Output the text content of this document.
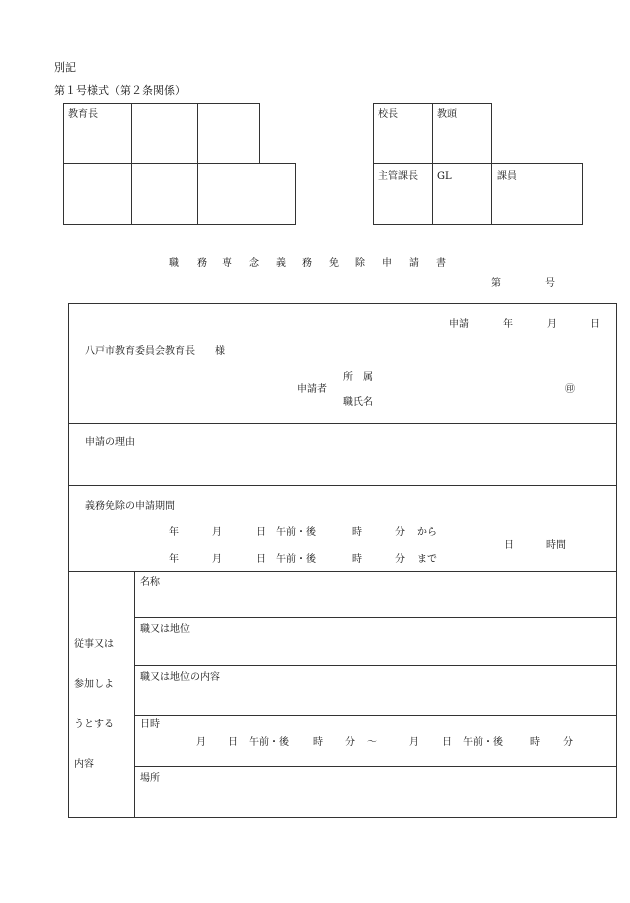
別記
第１号様式（第２条関係）
教育長	校長	教頭
主管課長 GL	課員
職 務 専 念 義 務 免 除 申 請 書
第	号
申請	年	月	日
八戸市教育委員会教育長　　様
所　属
申請者
職氏名
㊞
申請の理由
義務免除の申請期間
年	月	日 午前・後	時	分 から
年	月	日 午前・後	時	分 まで
日	時間
従事又は
参加しよ
うとする
内容
名称
職又は地位
職又は地位の内容
日時
月 日 午前・後 時 分 ～	月 日 午前・後	時 分
場所
